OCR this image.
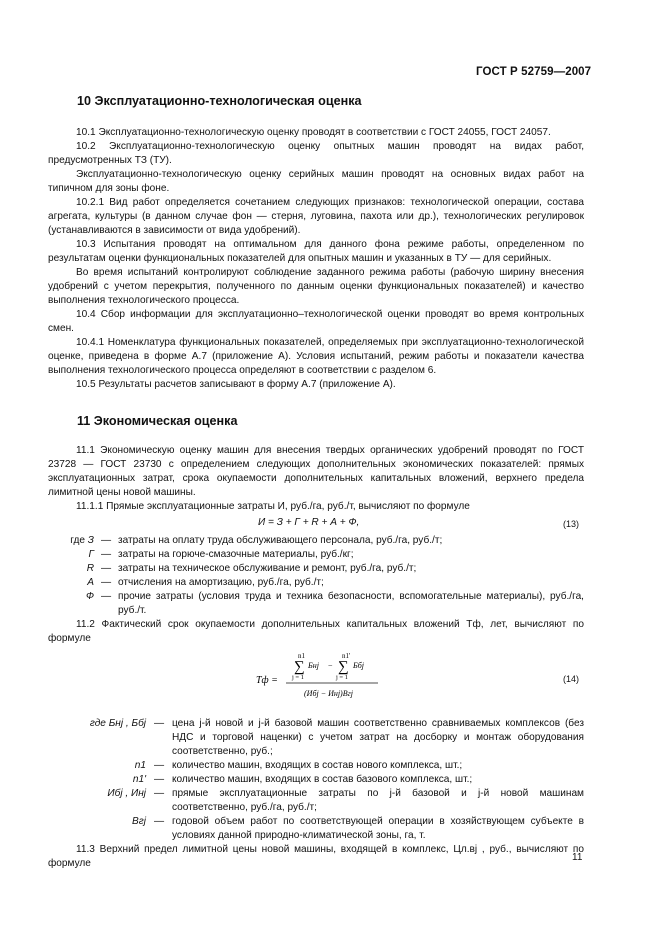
ГОСТ Р 52759—2007
10 Эксплуатационно-технологическая оценка

10.1 Эксплуатационно-технологическую оценку проводят в соответствии с ГОСТ 24055, ГОСТ 24057.

10.2 Эксплуатационно-технологическую оценку опытных машин проводят на видах работ, предусмотренных ТЗ (ТУ).

Эксплуатационно-технологическую оценку серийных машин проводят на основных видах работ на типичном для зоны фоне.

10.2.1 Вид работ определяется сочетанием следующих признаков: технологической операции, состава агрегата, культуры (в данном случае фон — стерня, луговина, пахота или др.), технологических регулировок (устанавливаются в зависимости от вида удобрений).

10.3 Испытания проводят на оптимальном для данного фона режиме работы, определенном по результатам оценки функциональных показателей для опытных машин и указанных в ТУ — для серийных.

Во время испытаний контролируют соблюдение заданного режима работы (рабочую ширину внесения удобрений с учетом перекрытия, полученного по данным оценки функциональных показателей) и качество выполнения технологического процесса.

10.4 Сбор информации для эксплуатационно–технологической оценки проводят во время контрольных смен.

10.4.1 Номенклатура функциональных показателей, определяемых при эксплуатационно-технологической оценке, приведена в форме А.7 (приложение А). Условия испытаний, режим работы и показатели качества выполнения технологического процесса определяют в соответствии с разделом 6.

10.5 Результаты расчетов записывают в форму А.7 (приложение А).

11 Экономическая оценка

11.1 Экономическую оценку машин для внесения твердых органических удобрений проводят по ГОСТ 23728 — ГОСТ 23730 с определением следующих дополнительных экономических показателей: прямых эксплуатационных затрат, срока окупаемости дополнительных капитальных вложений, верхнего предела лимитной цены новой машины.

11.1.1 Прямые эксплуатационные затраты И, руб./га, руб./т, вычисляют по формуле

И = З + Г + R + А + Ф,	(13)
где З — затраты на оплату труда обслуживающего персонала, руб./га, руб./т;
Г — затраты на горюче-смазочные материалы, руб./кг;
R — затраты на техническое обслуживание и ремонт, руб./га, руб./т;
А — отчисления на амортизацию, руб./га, руб./т;
Ф — прочие затраты (условия труда и техника безопасности, вспомогательные материалы), руб./га, руб./т.

11.2 Фактический срок окупаемости дополнительных капитальных вложений Тф, лет, вычисляют по формуле

Тф =
n1
∑
j = 1
Бнj −
n1'
∑
j = 1
Ббj
(Ибj − Инj)Вгj
(14)
где Бнj , Ббj — цена j-й новой и j-й базовой машин соответственно сравниваемых комплексов (без НДС и торговой наценки) с учетом затрат на досборку и монтаж оборудования соответственно, руб.;
n1 — количество машин, входящих в состав нового комплекса, шт.;
n1' — количество машин, входящих в состав базового комплекса, шт.;
Ибj , Инj — прямые эксплуатационные затраты по j-й базовой и j-й новой машинам соответственно, руб./га, руб./т;
Вгj — годовой объем работ по соответствующей операции в хозяйствующем субъекте в условиях данной природно-климатической зоны, га, т.

11.3 Верхний предел лимитной цены новой машины, входящей в комплекс, Цл.вj , руб., вычисляют по формуле

11
